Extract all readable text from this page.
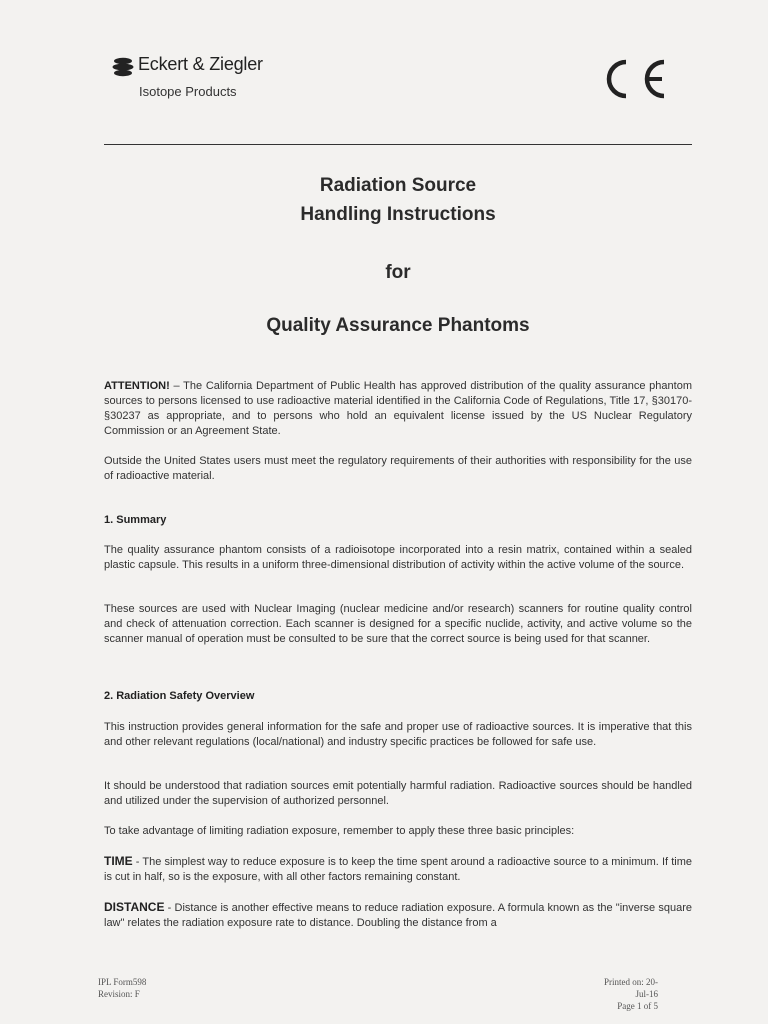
Eckert & Ziegler
Isotope Products
Radiation Source
Handling Instructions
for
Quality Assurance Phantoms
ATTENTION! – The California Department of Public Health has approved distribution of the quality assurance phantom sources to persons licensed to use radioactive material identified in the California Code of Regulations, Title 17, §30170-§30237 as appropriate, and to persons who hold an equivalent license issued by the US Nuclear Regulatory Commission or an Agreement State.
Outside the United States users must meet the regulatory requirements of their authorities with responsibility for the use of radioactive material.
1. Summary
The quality assurance phantom consists of a radioisotope incorporated into a resin matrix, contained within a sealed plastic capsule. This results in a uniform three-dimensional distribution of activity within the active volume of the source.
These sources are used with Nuclear Imaging (nuclear medicine and/or research) scanners for routine quality control and check of attenuation correction. Each scanner is designed for a specific nuclide, activity, and active volume so the scanner manual of operation must be consulted to be sure that the correct source is being used for that scanner.
2. Radiation Safety Overview
This instruction provides general information for the safe and proper use of radioactive sources. It is imperative that this and other relevant regulations (local/national) and industry specific practices be followed for safe use.
It should be understood that radiation sources emit potentially harmful radiation. Radioactive sources should be handled and utilized under the supervision of authorized personnel.
To take advantage of limiting radiation exposure, remember to apply these three basic principles:
TIME - The simplest way to reduce exposure is to keep the time spent around a radioactive source to a minimum. If time is cut in half, so is the exposure, with all other factors remaining constant.
DISTANCE - Distance is another effective means to reduce radiation exposure. A formula known as the "inverse square law" relates the radiation exposure rate to distance. Doubling the distance from a
IPL Form598
Revision: F
Printed on: 20-Jul-16
Page 1 of 5
